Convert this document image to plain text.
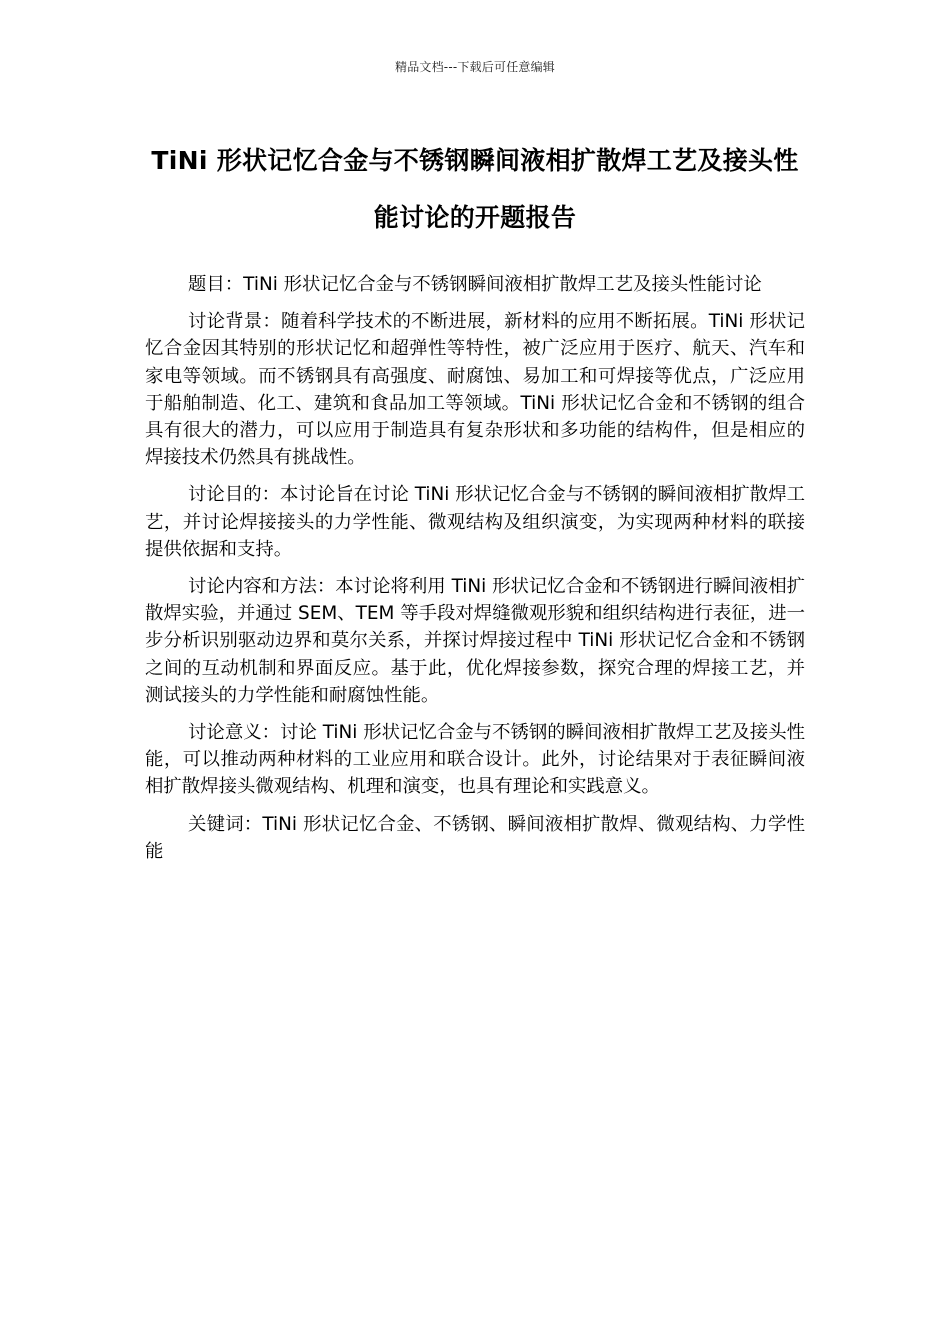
精品文档---下载后可任意编辑
TiNi 形状记忆合金与不锈钢瞬间液相扩散焊工艺及接头性能讨论的开题报告

题目：TiNi 形状记忆合金与不锈钢瞬间液相扩散焊工艺及接头性能讨论

讨论背景：随着科学技术的不断进展，新材料的应用不断拓展。TiNi 形状记忆合金因其特别的形状记忆和超弹性等特性，被广泛应用于医疗、航天、汽车和家电等领域。而不锈钢具有高强度、耐腐蚀、易加工和可焊接等优点，广泛应用于船舶制造、化工、建筑和食品加工等领域。TiNi 形状记忆合金和不锈钢的组合具有很大的潜力，可以应用于制造具有复杂形状和多功能的结构件，但是相应的焊接技术仍然具有挑战性。

讨论目的：本讨论旨在讨论 TiNi 形状记忆合金与不锈钢的瞬间液相扩散焊工艺，并讨论焊接接头的力学性能、微观结构及组织演变，为实现两种材料的联接提供依据和支持。

讨论内容和方法：本讨论将利用 TiNi 形状记忆合金和不锈钢进行瞬间液相扩散焊实验，并通过 SEM、TEM 等手段对焊缝微观形貌和组织结构进行表征，进一步分析识别驱动边界和莫尔关系，并探讨焊接过程中 TiNi 形状记忆合金和不锈钢之间的互动机制和界面反应。基于此，优化焊接参数，探究合理的焊接工艺，并测试接头的力学性能和耐腐蚀性能。

讨论意义：讨论 TiNi 形状记忆合金与不锈钢的瞬间液相扩散焊工艺及接头性能，可以推动两种材料的工业应用和联合设计。此外，讨论结果对于表征瞬间液相扩散焊接头微观结构、机理和演变，也具有理论和实践意义。

关键词：TiNi 形状记忆合金、不锈钢、瞬间液相扩散焊、微观结构、力学性能
